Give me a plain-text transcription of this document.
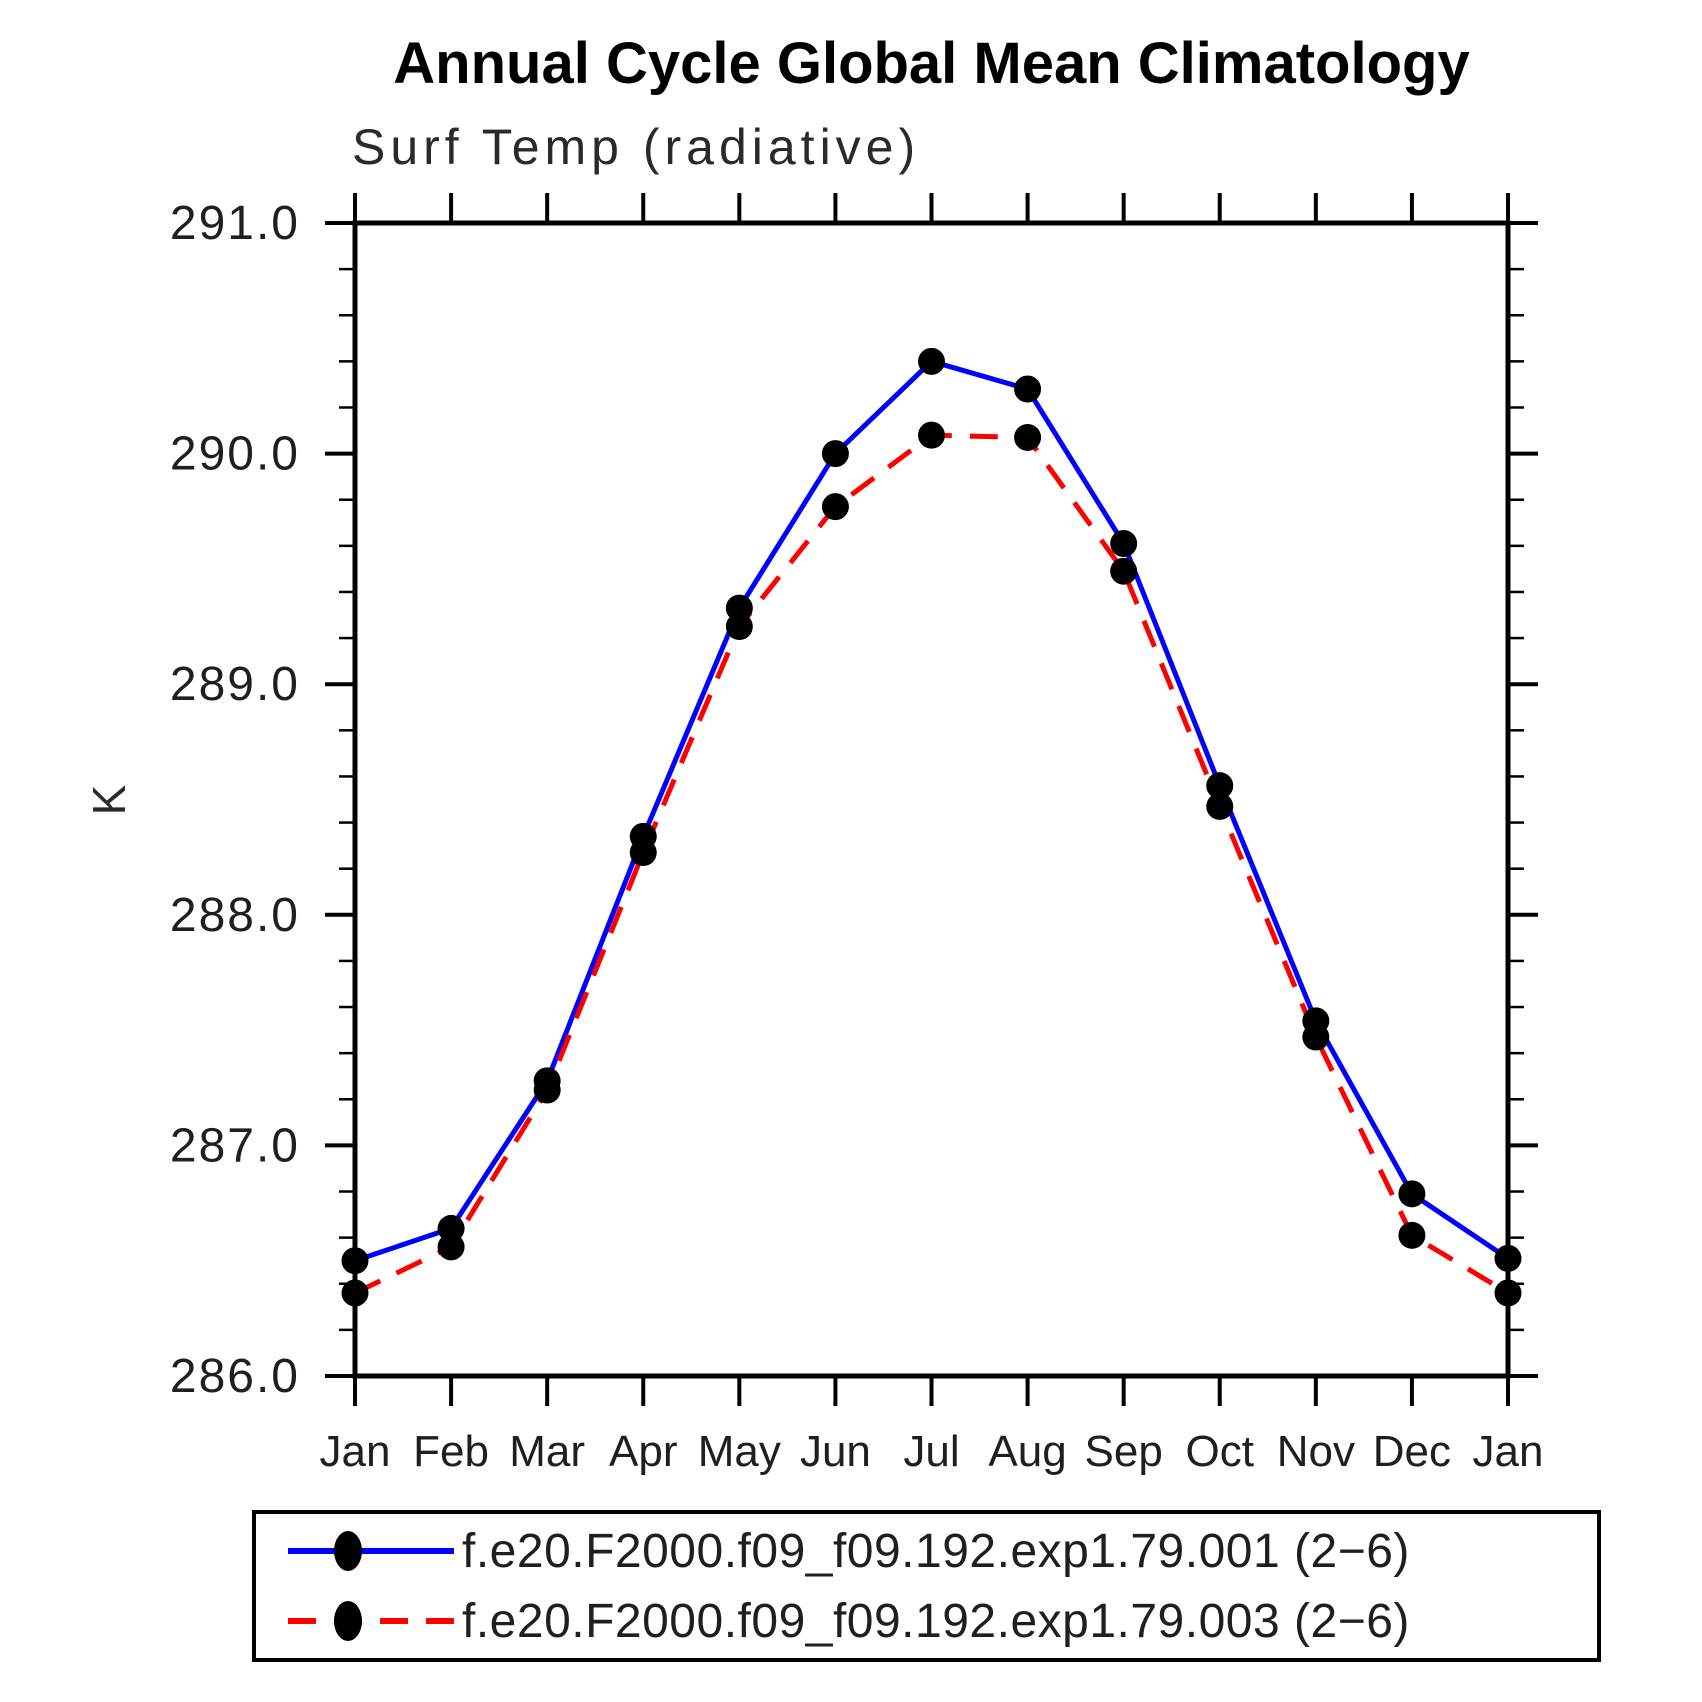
Annual Cycle Global Mean Climatology
Surf Temp (radiative)
K
286.0
287.0
288.0
289.0
290.0
291.0
Jan Feb Mar Apr May Jun Jul Aug Sep Oct Nov Dec Jan
f.e20.F2000.f09_f09.192.exp1.79.001 (2−6)
f.e20.F2000.f09_f09.192.exp1.79.003 (2−6)
